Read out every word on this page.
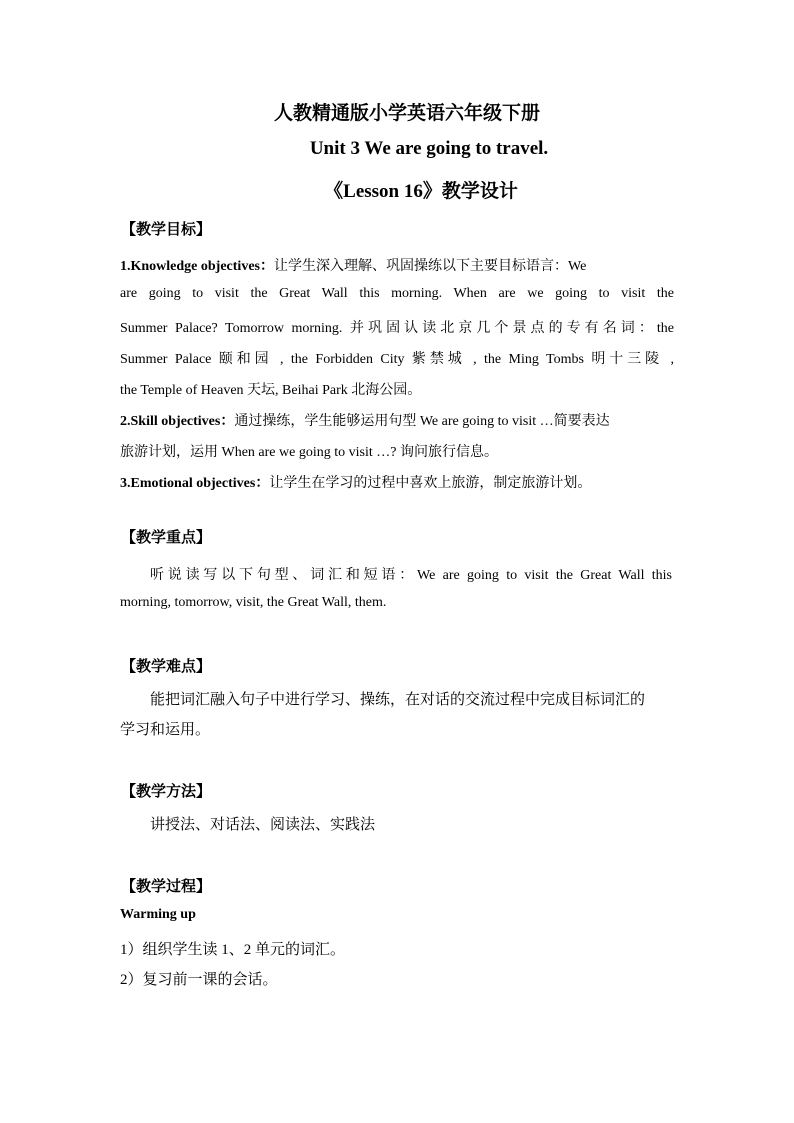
人教精通版小学英语六年级下册
Unit 3 We are going to travel.
《Lesson 16》教学设计
【教学目标】
1.Knowledge objectives：让学生深入理解、巩固操练以下主要目标语言：We
are going to visit the Great Wall this morning. When are we going to visit the
Summer Palace? Tomorrow morning. 并巩固认读北京几个景点的专有名词：the
Summer Palace 颐和园 , the Forbidden City 紫禁城 , the Ming Tombs 明十三陵 ,
the Temple of Heaven 天坛, Beihai Park 北海公园。
2.Skill objectives：通过操练，学生能够运用句型 We are going to visit …简要表达
旅游计划，运用 When are we going to visit …? 询问旅行信息。
3.Emotional objectives：让学生在学习的过程中喜欢上旅游，制定旅游计划。
【教学重点】
听说读写以下句型、词汇和短语：We are going to visit the Great Wall this
morning, tomorrow, visit, the Great Wall, them.
【教学难点】
能把词汇融入句子中进行学习、操练，在对话的交流过程中完成目标词汇的
学习和运用。
【教学方法】
讲授法、对话法、阅读法、实践法
【教学过程】
Warming up
1）组织学生读 1、2 单元的词汇。
2）复习前一课的会话。
